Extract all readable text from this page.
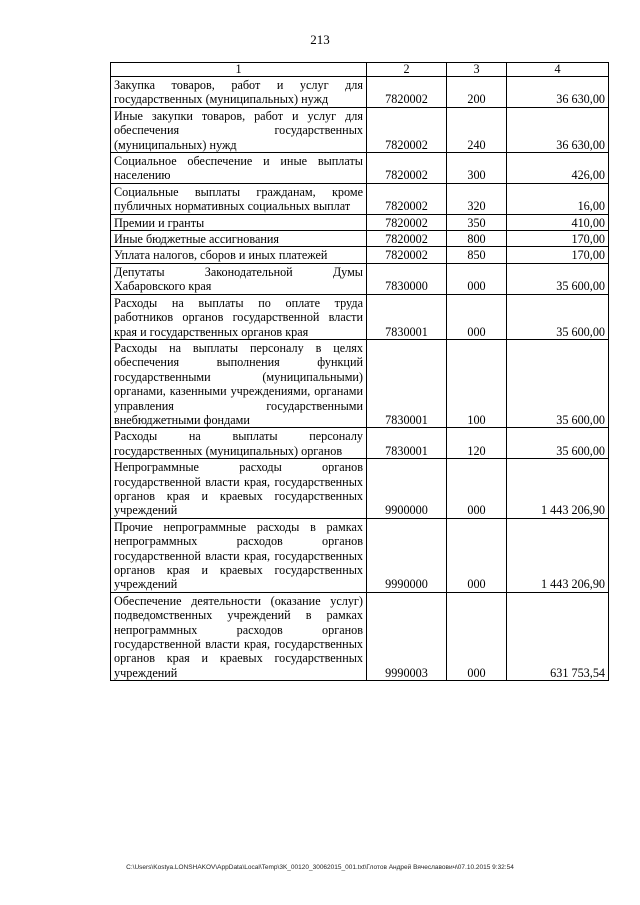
213
1	2	3	4
Закупка товаров, работ и услуг для государственных (муниципальных) нужд	7820002	200	36 630,00
Иные закупки товаров, работ и услуг для обеспечения государственных (муниципальных) нужд	7820002	240	36 630,00
Социальное обеспечение и иные выплаты населению	7820002	300	426,00
Социальные выплаты гражданам, кроме публичных нормативных социальных выплат	7820002	320	16,00
Премии и гранты	7820002	350	410,00
Иные бюджетные ассигнования	7820002	800	170,00
Уплата налогов, сборов и иных платежей	7820002	850	170,00
Депутаты Законодательной Думы Хабаровского края	7830000	000	35 600,00
Расходы на выплаты по оплате труда работников органов государственной власти края и государственных органов края	7830001	000	35 600,00
Расходы на выплаты персоналу в целях обеспечения выполнения функций государственными (муниципальными) органами, казенными учреждениями, органами управления государственными внебюджетными фондами	7830001	100	35 600,00
Расходы на выплаты персоналу государственных (муниципальных) органов	7830001	120	35 600,00
Непрограммные расходы органов государственной власти края, государственных органов края и краевых государственных учреждений	9900000	000	1 443 206,90
Прочие непрограммные расходы в рамках непрограммных расходов органов государственной власти края, государственных органов края и краевых государственных учреждений	9990000	000	1 443 206,90
Обеспечение деятельности (оказание услуг) подведомственных учреждений в рамках непрограммных расходов органов государственной власти края, государственных органов края и краевых государственных учреждений	9990003	000	631 753,54
C:\Users\Kostya.LONSHAKOV\AppData\Local\Temp\3K_00120_30062015_001.txt\Глотов Андрей Вячеславович\07.10.2015 9:32:54
